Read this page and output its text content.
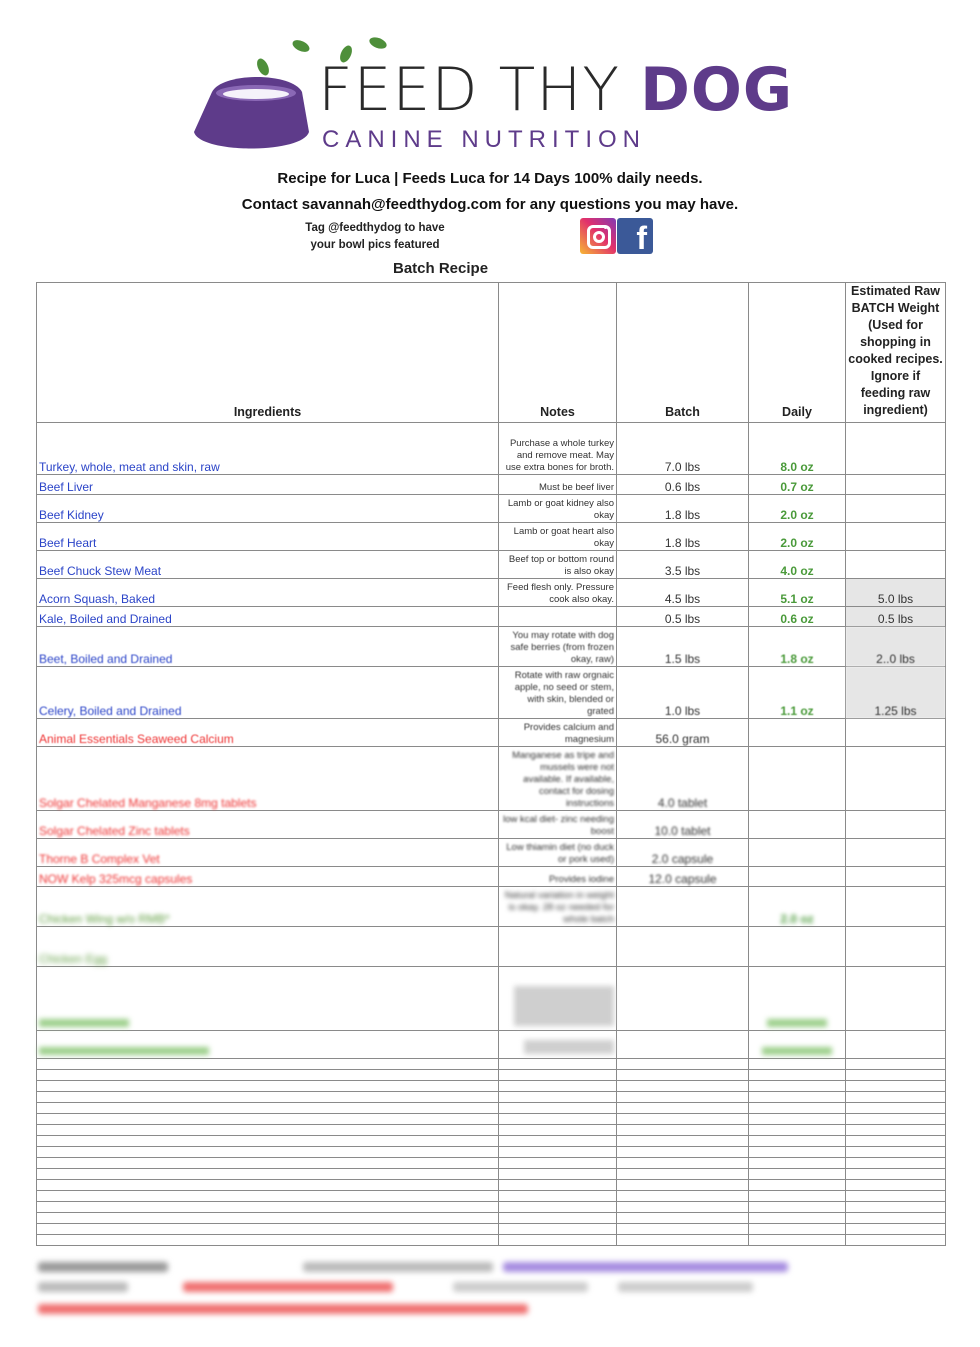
FEED THY DOG
CANINE NUTRITION
Recipe for Luca | Feeds Luca for 14 Days 100% daily needs.
Contact savannah@feedthydog.com for any questions you may have.
Tag @feedthydog to have
your bowl pics featured	f
Batch Recipe
Ingredients	Notes	Batch	Daily	Estimated Raw BATCH Weight (Used for shopping in cooked recipes. Ignore if feeding raw ingredient)
Turkey, whole, meat and skin, raw	Purchase a whole turkey and remove meat. May use extra bones for broth.	7.0 lbs	8.0 oz	
Beef Liver	Must be beef liver	0.6 lbs	0.7 oz	
Beef Kidney	Lamb or goat kidney also okay	1.8 lbs	2.0 oz	
Beef Heart	Lamb or goat heart also okay	1.8 lbs	2.0 oz	
Beef Chuck Stew Meat	Beef top or bottom round is also okay	3.5 lbs	4.0 oz	
Acorn Squash, Baked	Feed flesh only. Pressure cook also okay.	4.5 lbs	5.1 oz	5.0 lbs
Kale, Boiled and Drained		0.5 lbs	0.6 oz	0.5 lbs
Beet, Boiled and Drained	You may rotate with dog safe berries (from frozen okay, raw)	1.5 lbs	1.8 oz	2..0 lbs
Celery, Boiled and Drained	Rotate with raw orgnaic apple, no seed or stem, with skin, blended or grated	1.0 lbs	1.1 oz	1.25 lbs
Animal Essentials Seaweed Calcium	Provides calcium and magnesium	56.0 gram		
Solgar Chelated Manganese 8mg tablets	Manganese as tripe and mussels were not available. If available, contact for dosing instructions	4.0 tablet		
Solgar Chelated Zinc tablets	low kcal diet- zinc needing boost	10.0 tablet		
Thorne B Complex Vet	Low thiamin diet (no duck or pork used)	2.0 capsule		
NOW Kelp 325mcg capsules	Provides iodine	12.0 capsule		
Chicken Wing w/o RMB*	Natural variation in weight is okay. 28 oz needed for whole batch		2.0 oz	
Chicken Egg				
